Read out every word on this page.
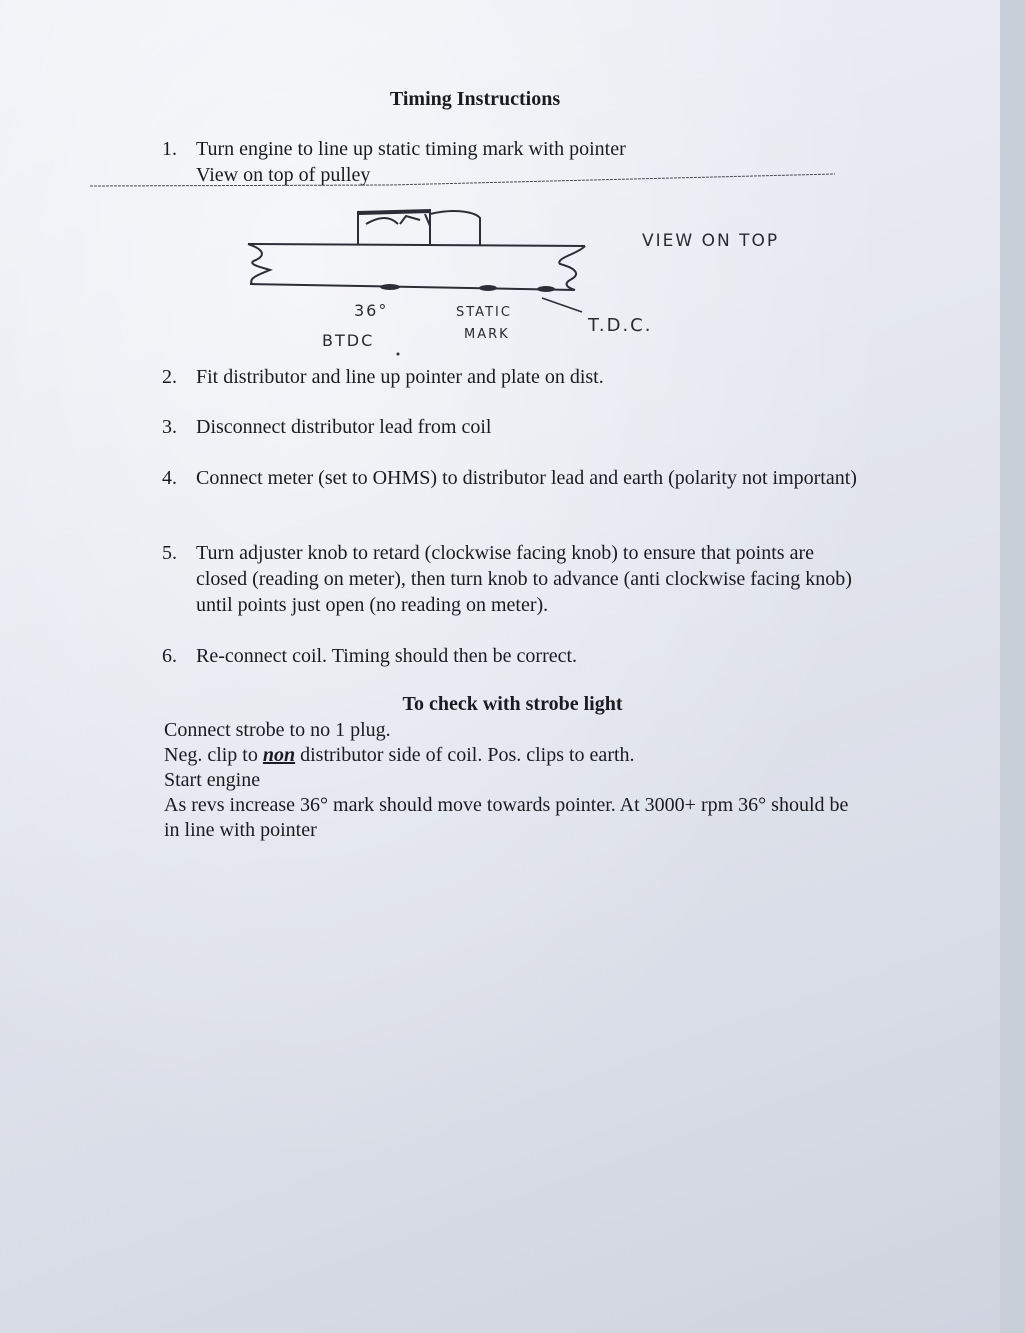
Timing Instructions
1. Turn engine to line up static timing mark with pointer
View on top of pulley
VIEW ON TOP
36°
BTDC
STATIC
MARK	T.D.C.
2. Fit distributor and line up pointer and plate on dist.
3. Disconnect distributor lead from coil
4. Connect meter (set to OHMS) to distributor lead and earth (polarity not important)
5. Turn adjuster knob to retard (clockwise facing knob) to ensure that points are closed (reading on meter), then turn knob to advance (anti clockwise facing knob) until points just open (no reading on meter).
6. Re-connect coil. Timing should then be correct.
To check with strobe light
Connect strobe to no 1 plug.
Neg. clip to non distributor side of coil. Pos. clips to earth.
Start engine
As revs increase 36° mark should move towards pointer. At 3000+ rpm 36° should be in line with pointer
